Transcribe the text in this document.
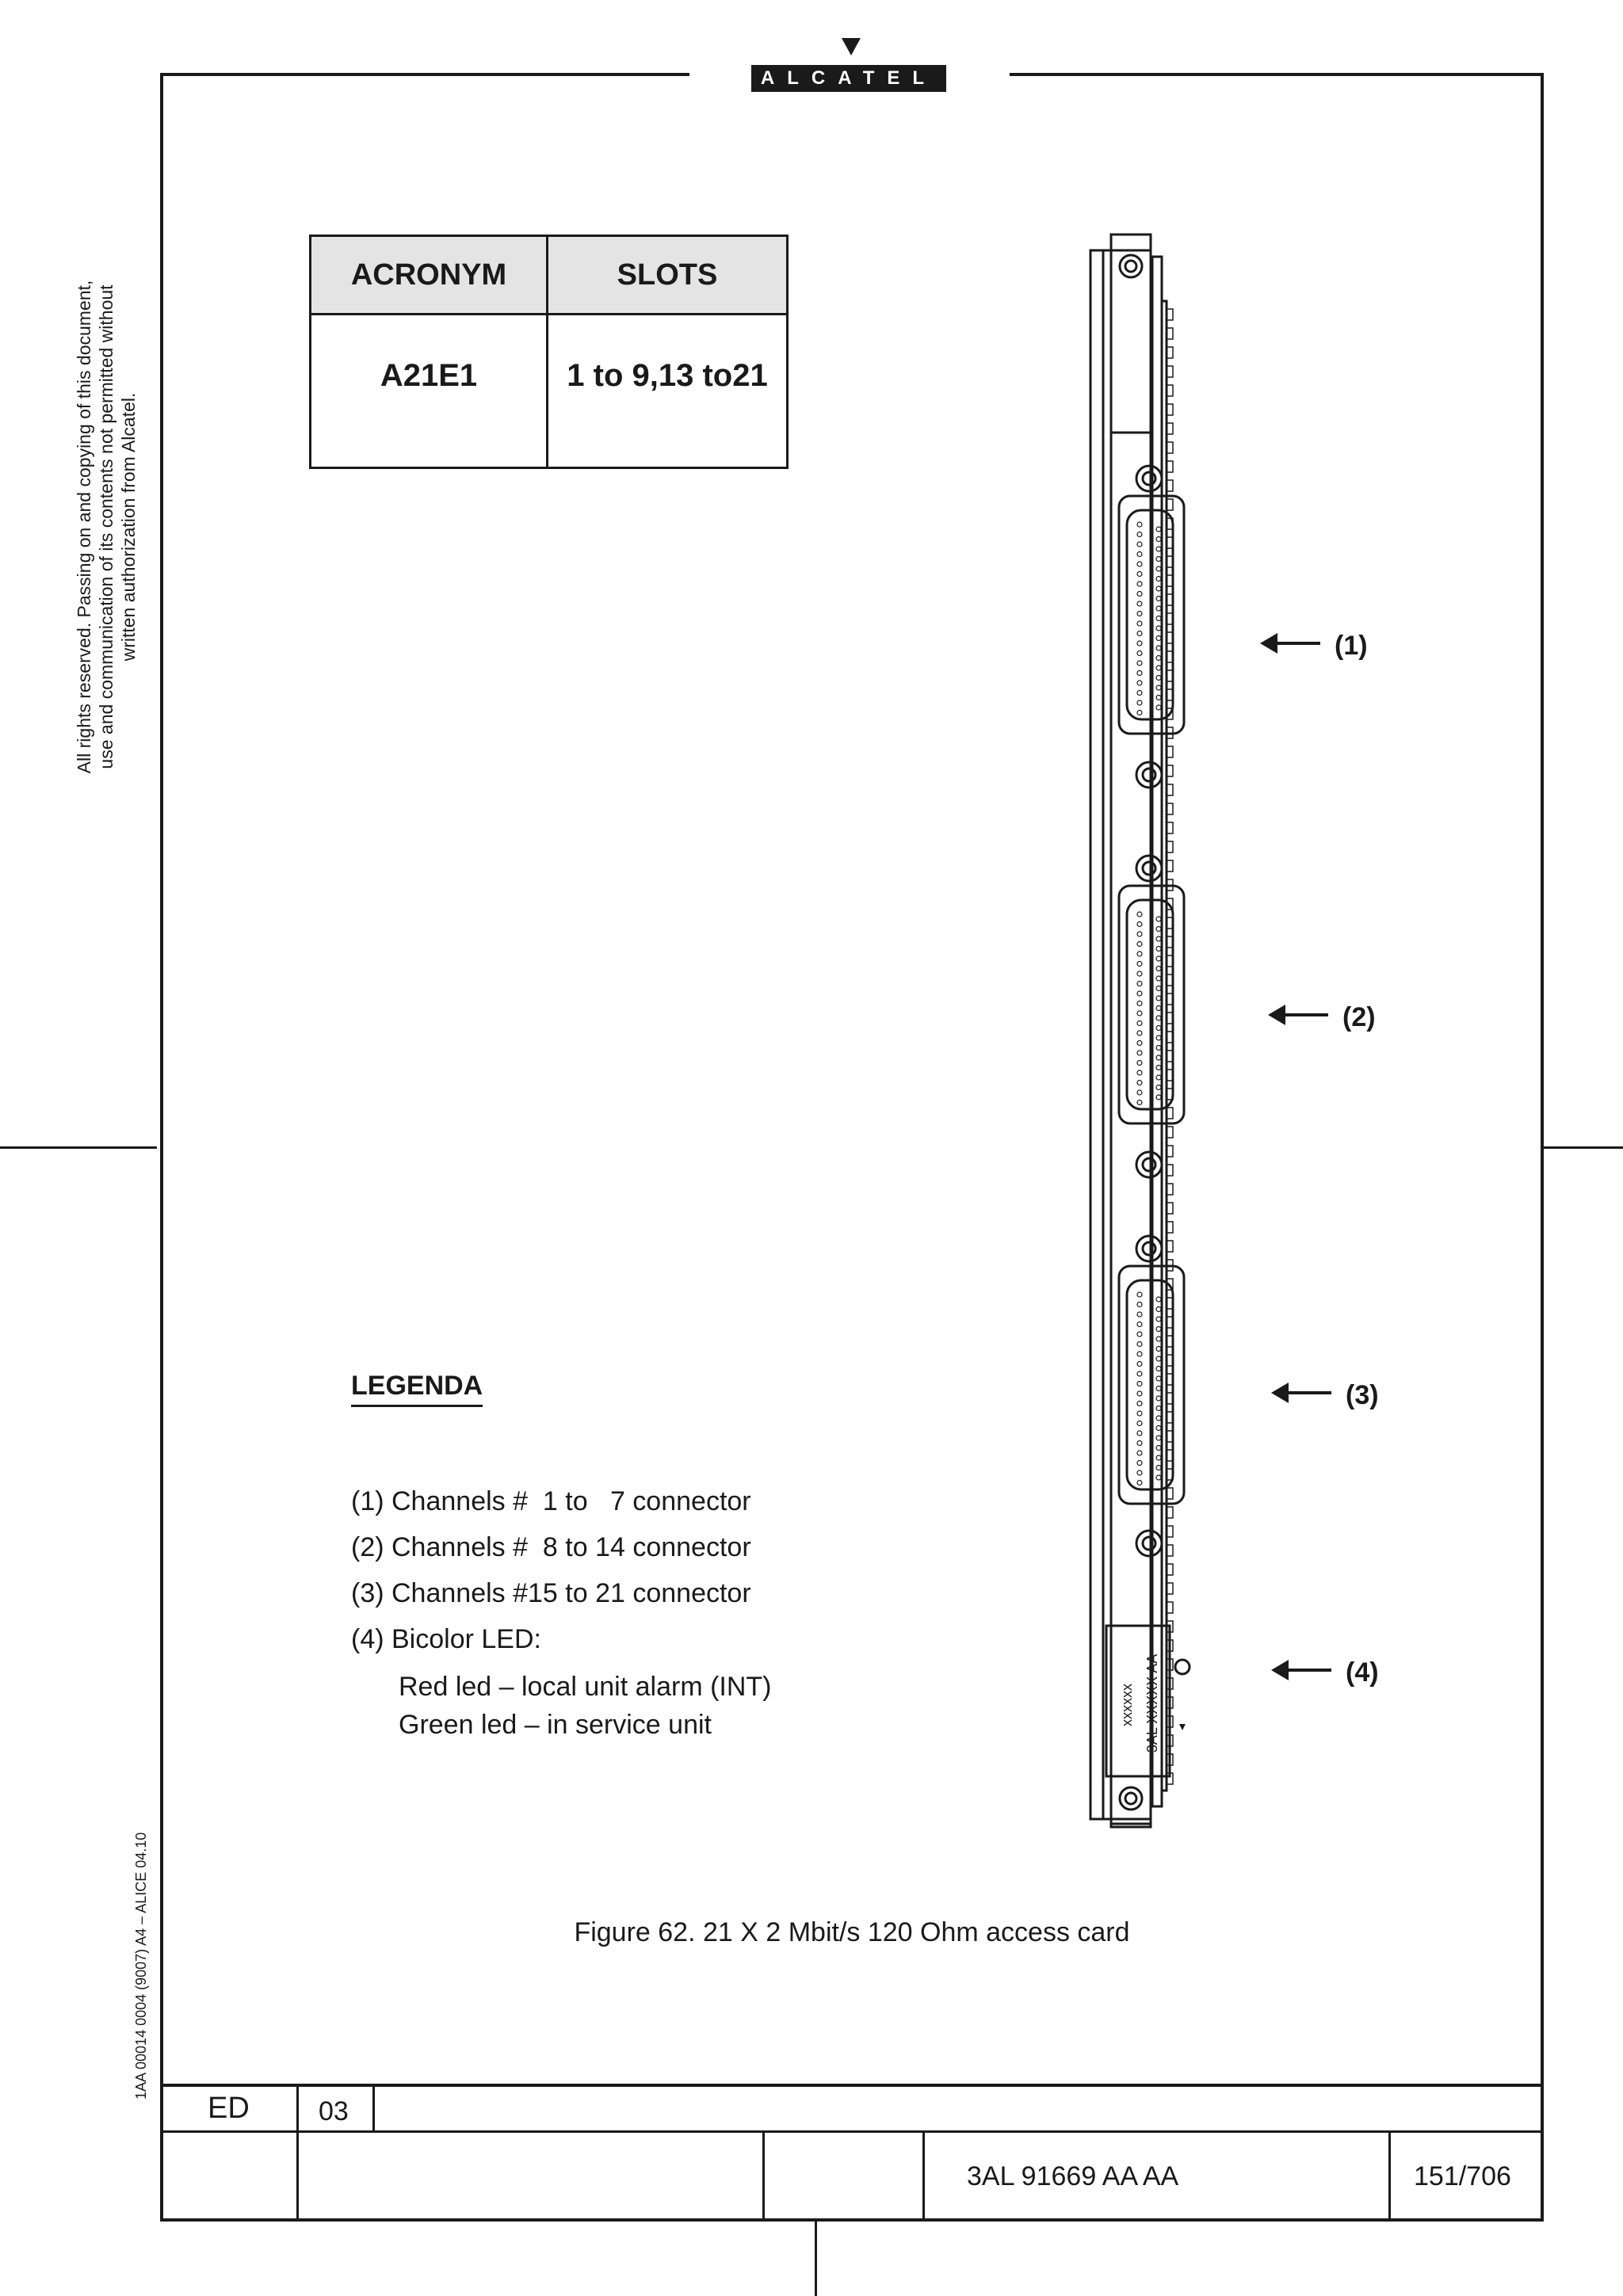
ALCATEL
All rights reserved. Passing on and copying of this document, use and communication of its contents not permitted without written authorization from Alcatel.
1AA 00014 0004 (9007) A4 – ALICE 04.10
ACRONYM	SLOTS
A21E1	1 to 9,13 to21
xxxxxx 3AL XXXXX AA
(1)
(2)
(3)
(4)
LEGENDA
(1) Channels #  1 to   7 connector
(2) Channels #  8 to 14 connector
(3) Channels #15 to 21 connector
(4) Bicolor LED:
Red led – local unit alarm (INT)
Green led – in service unit
Figure 62. 21 X 2 Mbit/s 120 Ohm access card
ED	03
3AL 91669 AA AA	151/706
